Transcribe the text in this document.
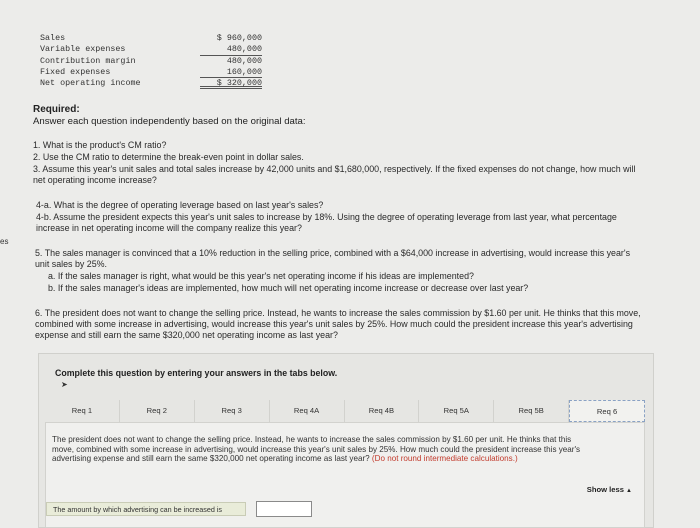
es
Sales	$ 960,000
Variable expenses	480,000
Contribution margin	480,000
Fixed expenses	160,000
Net operating income	$ 320,000
Required:
Answer each question independently based on the original data:
1. What is the product's CM ratio?
2. Use the CM ratio to determine the break-even point in dollar sales.
3. Assume this year's unit sales and total sales increase by 42,000 units and $1,680,000, respectively. If the fixed expenses do not change, how much will net operating income increase?
4-a. What is the degree of operating leverage based on last year's sales?
4-b. Assume the president expects this year's unit sales to increase by 18%. Using the degree of operating leverage from last year, what percentage increase in net operating income will the company realize this year?
5. The sales manager is convinced that a 10% reduction in the selling price, combined with a $64,000 increase in advertising, would increase this year's unit sales by 25%.
a. If the sales manager is right, what would be this year's net operating income if his ideas are implemented?
b. If the sales manager's ideas are implemented, how much will net operating income increase or decrease over last year?
6. The president does not want to change the selling price. Instead, he wants to increase the sales commission by $1.60 per unit. He thinks that this move, combined with some increase in advertising, would increase this year's unit sales by 25%. How much could the president increase this year's advertising expense and still earn the same $320,000 net operating income as last year?
Complete this question by entering your answers in the tabs below.
➤
Req 1	Req 2	Req 3	Req 4A	Req 4B	Req 5A	Req 5B	Req 6
The president does not want to change the selling price. Instead, he wants to increase the sales commission by $1.60 per unit. He thinks that this move, combined with some increase in advertising, would increase this year's unit sales by 25%. How much could the president increase this year's advertising expense and still earn the same $320,000 net operating income as last year? (Do not round intermediate calculations.)
Show less ▲
The amount by which advertising can be increased is
